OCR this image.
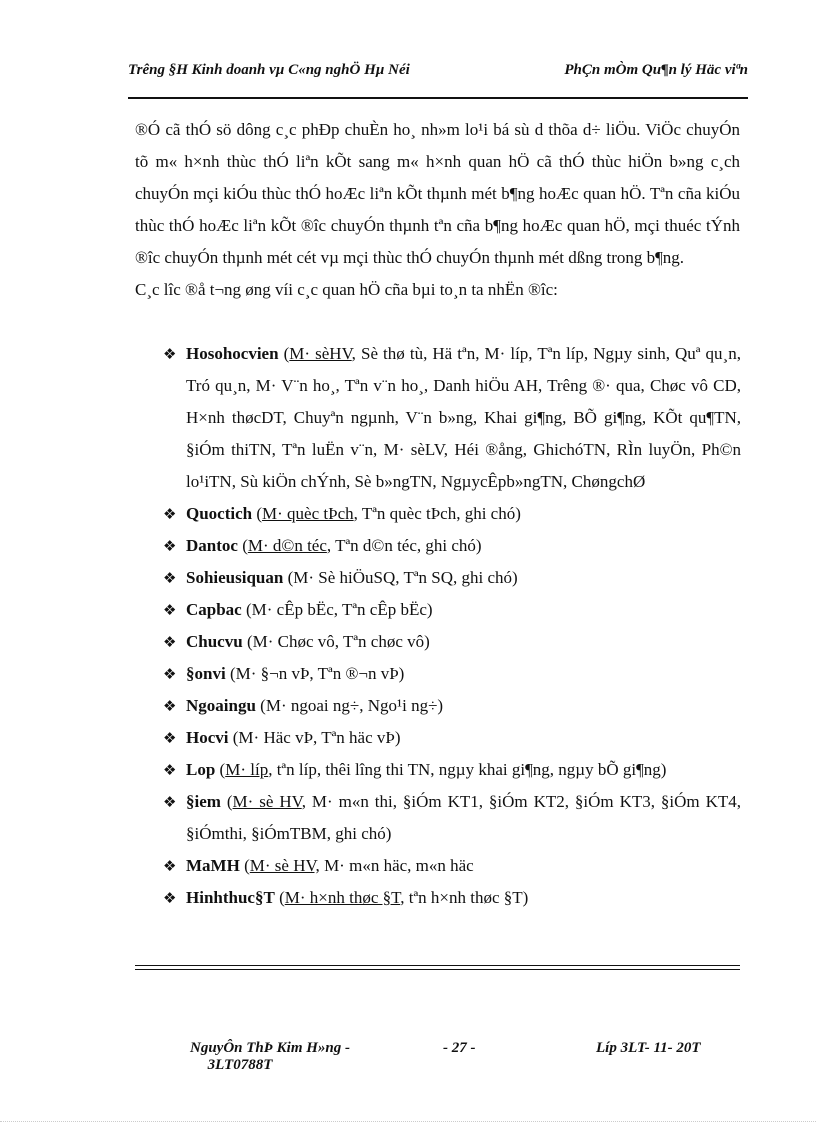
Trêng §H Kinh doanh vµ C«ng nghÖ Hµ Néi	PhÇn mÒm Qu¶n lý Häc viªn

®Ó cã thÓ sö dông c¸c phÐp chuÈn ho¸ nh»m lo¹i bá sù d thõa d÷ liÖu. ViÖc chuyÓn tõ m« h×nh thùc thÓ liªn kÕt sang m« h×nh quan hÖ cã thÓ thùc hiÖn b»ng c¸ch chuyÓn mçi kiÓu thùc thÓ hoÆc liªn kÕt thµnh mét b¶ng hoÆc quan hÖ. Tªn cña kiÓu thùc thÓ hoÆc liªn kÕt ®îc chuyÓn thµnh tªn cña b¶ng hoÆc quan hÖ, mçi thuéc tÝnh ®îc chuyÓn thµnh mét cét vµ mçi thùc thÓ chuyÓn thµnh mét dßng trong b¶ng.

C¸c lîc ®å t¬ng øng víi c¸c quan hÖ cña bµi to¸n ta nhËn ®îc:

❖ Hosohocvien (M· sèHV, Sè thø tù, Hä tªn, M· líp, Tªn líp, Ngµy sinh, Quª qu¸n, Tró qu¸n, M· V¨n ho¸, Tªn v¨n ho¸, Danh hiÖu AH, Trêng ®· qua, Chøc vô CD, H×nh thøcDT, Chuyªn ngµnh, V¨n b»ng, Khai gi¶ng, BÕ gi¶ng, KÕt qu¶TN, §iÓm thiTN, Tªn luËn v¨n, M· sèLV, Héi ®ång, GhichóTN, RÌn luyÖn, Ph©n lo¹iTN, Sù kiÖn chÝnh, Sè b»ngTN, NgµycÊpb»ngTN, ChøngchØ
❖ Quoctich (M· quèc tÞch, Tªn quèc tÞch, ghi chó)
❖ Dantoc (M· d©n téc, Tªn d©n téc, ghi chó)
❖ Sohieusiquan (M· Sè hiÖuSQ, Tªn SQ, ghi chó)
❖ Capbac (M· cÊp bËc, Tªn cÊp bËc)
❖ Chucvu (M· Chøc vô, Tªn chøc vô)
❖ §onvi (M· §¬n vÞ, Tªn ®¬n vÞ)
❖ Ngoaingu (M· ngoai ng÷, Ngo¹i ng÷)
❖ Hocvi (M· Häc vÞ, Tªn häc vÞ)
❖ Lop (M· líp, tªn líp, thêi lîng thi TN, ngµy khai gi¶ng, ngµy bÕ gi¶ng)
❖ §iem (M· sè HV, M· m«n thi, §iÓm KT1, §iÓm KT2, §iÓm KT3, §iÓm KT4, §iÓmthi, §iÓmTBM, ghi chó)
❖ MaMH (M· sè HV, M· m«n häc, m«n häc
❖ Hinhthuc§T (M· h×nh thøc §T, tªn h×nh thøc §T)
NguyÔn ThÞ Kim H»ng -
3LT0788T
- 27 -	Líp 3LT- 11- 20T
